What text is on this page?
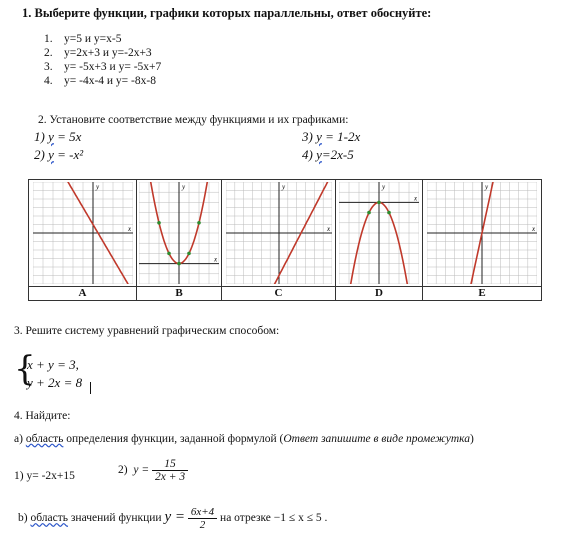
1. Выберите функции, графики которых параллельны, ответ обоснуйте:
1. y=5 и y=x-5
2. y=2x+3 и y=-2x+3
3. y= -5x+3 и y= -5x+7
4. y= -4x-4 и y= -8x-8
2. Установите соответствие между функциями и их графиками:
1) y = 5x
2) y = -x²
3) y = 1-2x
4) y=2x-5
x
y	x
y	x
y	x
y	x
y

A	B	C	D	E
3. Решите систему уравнений графическим способом:
{
x + y = 3,
y + 2x = 8
4. Найдите:
а) область определения функции, заданной формулой (Ответ запишите в виде промежутка)
1) y= -2x+15	2) $y = \frac{15}{2x + 3}$
b) область значений функции $y = \frac{6x+4}{2}$ на отрезке −1 ≤ x ≤ 5 .
